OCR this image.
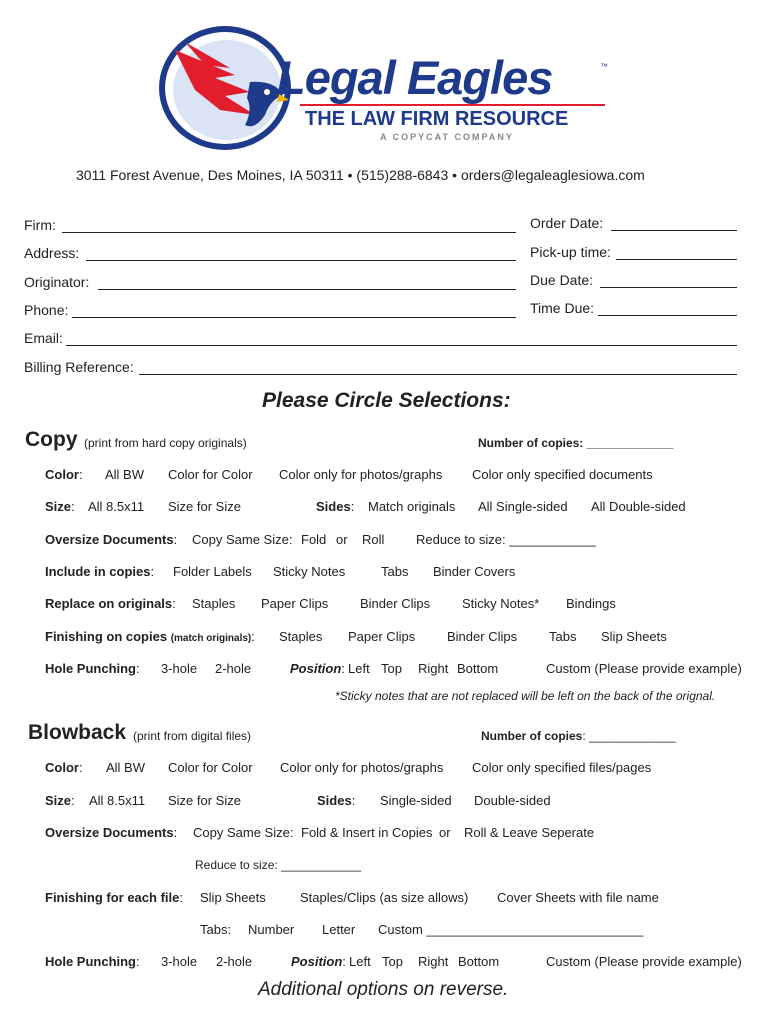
Legal Eagles	™
THE LAW FIRM RESOURCE
A COPYCAT COMPANY
3011 Forest Avenue, Des Moines, IA 50311 • (515)288-6843 • orders@legaleaglesiowa.com
Firm:	Order Date:
Address:	Pick-up time:
Originator:	Due Date:
Phone:	Time Due:
Email:
Billing Reference:
Please Circle Selections:
Copy (print from hard copy originals)	Number of copies: _____________
Color: All BW Color for Color Color only for photos/graphs Color only specified documents
Size: All 8.5x11 Size for Size	Sides: Match originals All Single-sided All Double-sided
Oversize Documents: Copy Same Size: Fold or Roll Reduce to size: ____________
Include in copies: Folder Labels Sticky Notes	Tabs Binder Covers
Replace on originals: Staples Paper Clips Binder Clips Sticky Notes* Bindings
Finishing on copies (match originals): Staples Paper Clips Binder Clips Tabs Slip Sheets
Hole Punching: 3-hole 2-hole	Position: Left Top Right Bottom	Custom (Please provide example)
*Sticky notes that are not replaced will be left on the back of the orignal.
Blowback (print from digital files)	Number of copies: _____________
Color: All BW Color for Color Color only for photos/graphs Color only specified files/pages
Size: All 8.5x11 Size for Size	Sides: Single-sided Double-sided
Oversize Documents: Copy Same Size: Fold & Insert in Copies or Roll & Leave Seperate
Reduce to size: ____________
Finishing for each file: Slip Sheets	Staples/Clips (as size allows) Cover Sheets with file name
Tabs: Number Letter Custom ______________________________
Hole Punching: 3-hole 2-hole	Position: Left Top Right Bottom	Custom (Please provide example)
Additional options on reverse.
